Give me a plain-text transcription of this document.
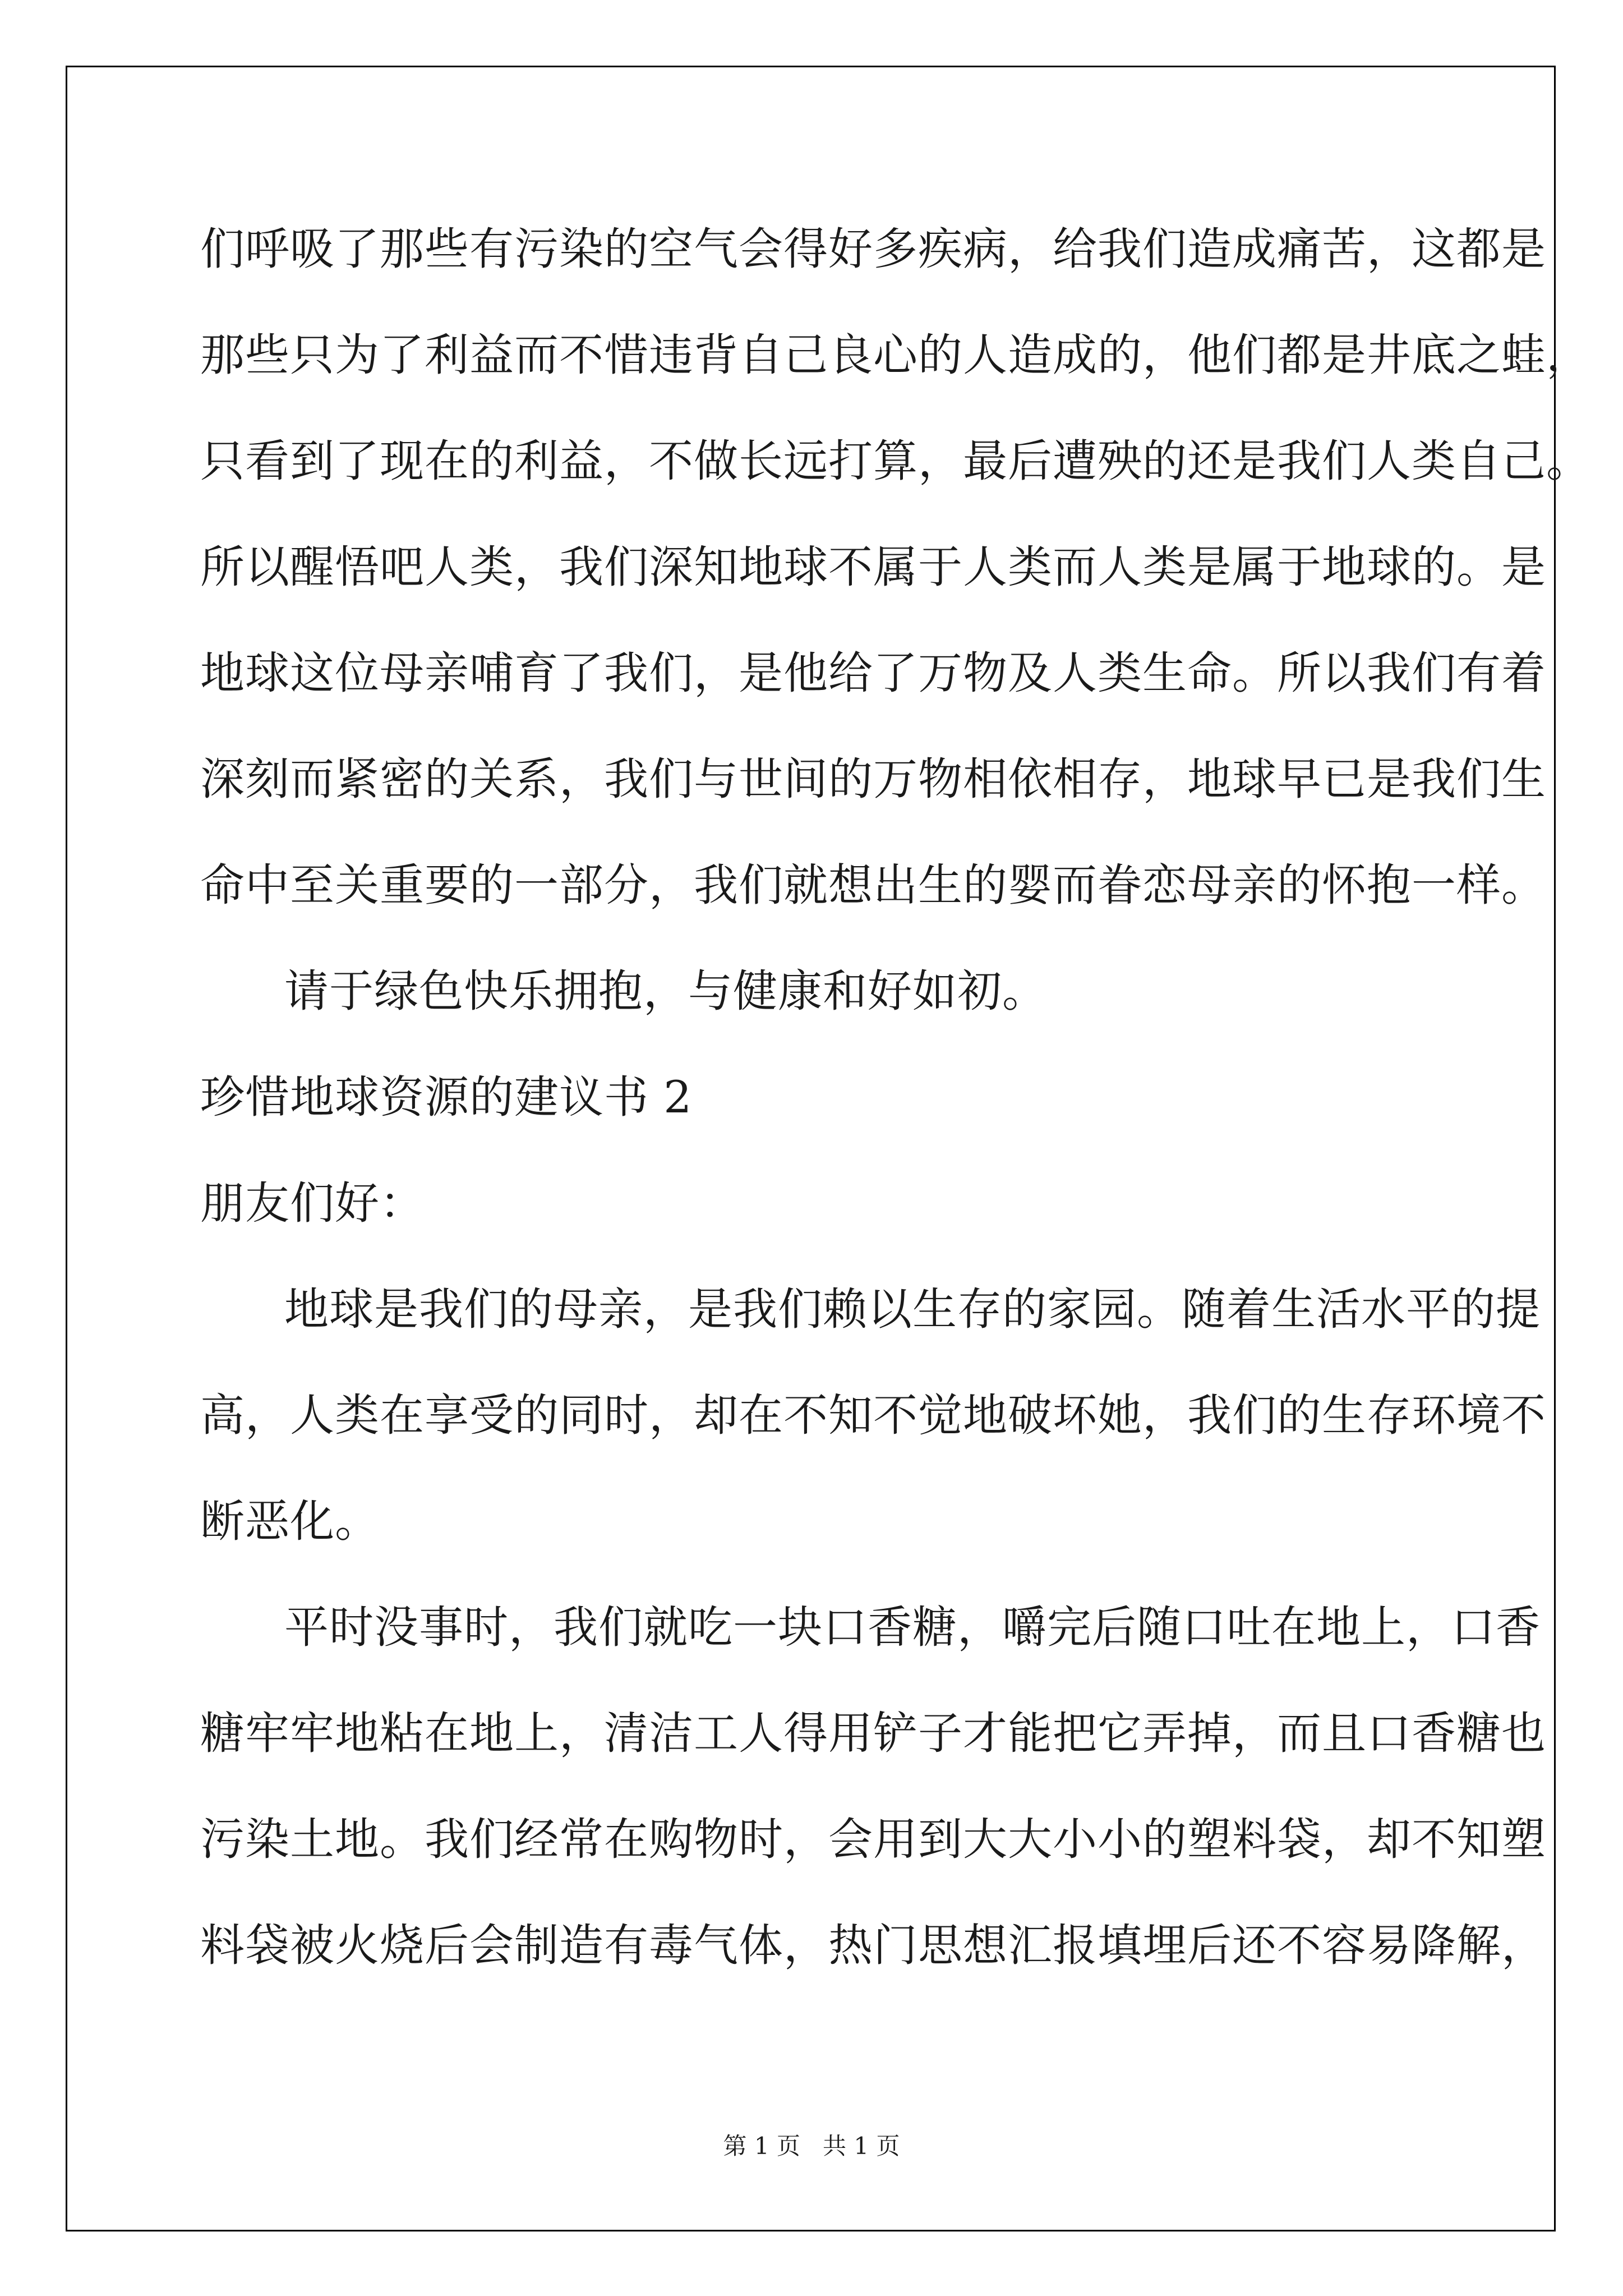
们呼吸了那些有污染的空气会得好多疾病，给我们造成痛苦，这都是
那些只为了利益而不惜违背自己良心的人造成的，他们都是井底之蛙，
只看到了现在的利益，不做长远打算，最后遭殃的还是我们人类自己。
所以醒悟吧人类，我们深知地球不属于人类而人类是属于地球的。是
地球这位母亲哺育了我们，是他给了万物及人类生命。所以我们有着
深刻而紧密的关系，我们与世间的万物相依相存，地球早已是我们生
命中至关重要的一部分，我们就想出生的婴而眷恋母亲的怀抱一样。
请于绿色快乐拥抱，与健康和好如初。
珍惜地球资源的建议书 2
朋友们好：
地球是我们的母亲，是我们赖以生存的家园。随着生活水平的提
高，人类在享受的同时，却在不知不觉地破坏她，我们的生存环境不
断恶化。
平时没事时，我们就吃一块口香糖，嚼完后随口吐在地上，口香
糖牢牢地粘在地上，清洁工人得用铲子才能把它弄掉，而且口香糖也
污染土地。我们经常在购物时，会用到大大小小的塑料袋，却不知塑
料袋被火烧后会制造有毒气体，热门思想汇报填埋后还不容易降解，
第 1 页   共 1 页
